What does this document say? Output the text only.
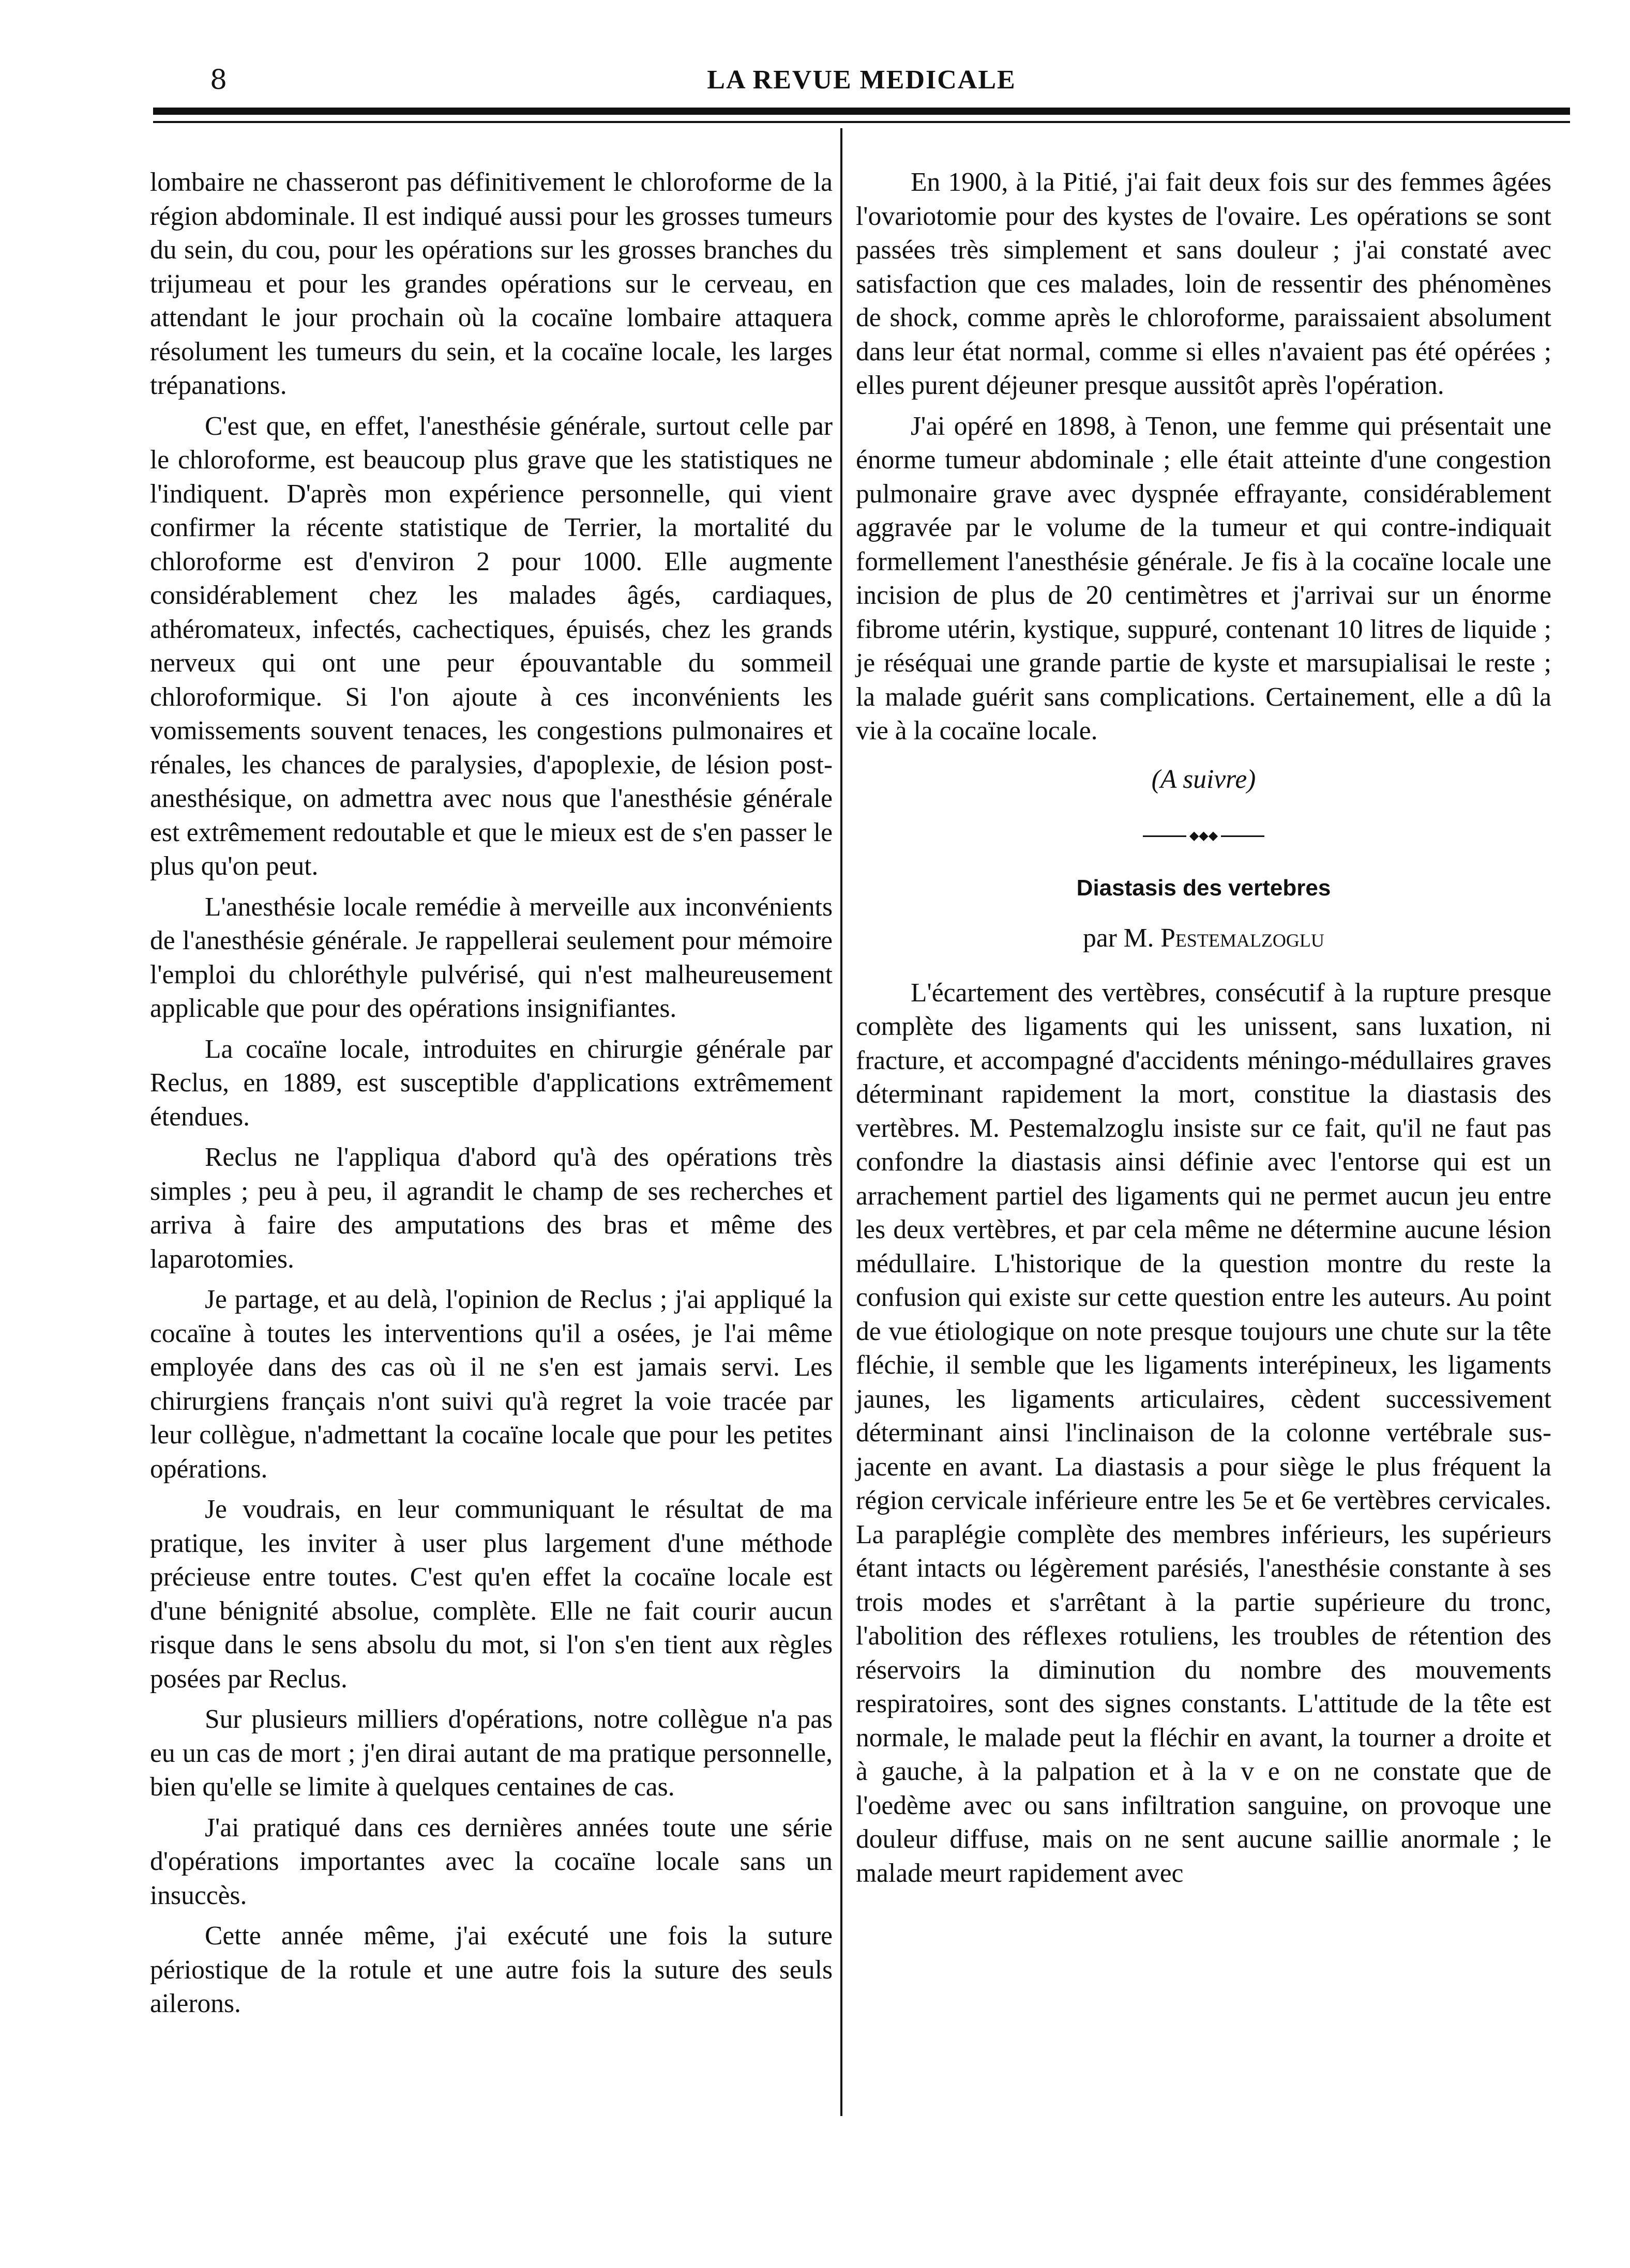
8	LA REVUE MEDICALE

lombaire ne chasseront pas définitivement le chloroforme de la région abdominale. Il est indiqué aussi pour les grosses tumeurs du sein, du cou, pour les opérations sur les grosses branches du trijumeau et pour les grandes opérations sur le cerveau, en attendant le jour prochain où la cocaïne lombaire attaquera résolument les tumeurs du sein, et la cocaïne locale, les larges trépanations.

C'est que, en effet, l'anesthésie générale, surtout celle par le chloroforme, est beaucoup plus grave que les statistiques ne l'indiquent. D'après mon expérience personnelle, qui vient confirmer la récente statistique de Terrier, la mortalité du chloroforme est d'environ 2 pour 1000. Elle augmente considérablement chez les malades âgés, cardiaques, athéromateux, infectés, cachectiques, épuisés, chez les grands nerveux qui ont une peur épouvantable du sommeil chloroformique. Si l'on ajoute à ces inconvénients les vomissements souvent tenaces, les congestions pulmonaires et rénales, les chances de paralysies, d'apoplexie, de lésion post-anesthésique, on admettra avec nous que l'anesthésie générale est extrêmement redoutable et que le mieux est de s'en passer le plus qu'on peut.

L'anesthésie locale remédie à merveille aux inconvénients de l'anesthésie générale. Je rappellerai seulement pour mémoire l'emploi du chloréthyle pulvérisé, qui n'est malheureusement applicable que pour des opérations insignifiantes.

La cocaïne locale, introduites en chirurgie générale par Reclus, en 1889, est susceptible d'applications extrêmement étendues.

Reclus ne l'appliqua d'abord qu'à des opérations très simples ; peu à peu, il agrandit le champ de ses recherches et arriva à faire des amputations des bras et même des laparotomies.

Je partage, et au delà, l'opinion de Reclus ; j'ai appliqué la cocaïne à toutes les interventions qu'il a osées, je l'ai même employée dans des cas où il ne s'en est jamais servi. Les chirurgiens français n'ont suivi qu'à regret la voie tracée par leur collègue, n'admettant la cocaïne locale que pour les petites opérations.

Je voudrais, en leur communiquant le résultat de ma pratique, les inviter à user plus largement d'une méthode précieuse entre toutes. C'est qu'en effet la cocaïne locale est d'une bénignité absolue, complète. Elle ne fait courir aucun risque dans le sens absolu du mot, si l'on s'en tient aux règles posées par Reclus.

Sur plusieurs milliers d'opérations, notre collègue n'a pas eu un cas de mort ; j'en dirai autant de ma pratique personnelle, bien qu'elle se limite à quelques centaines de cas.

J'ai pratiqué dans ces dernières années toute une série d'opérations importantes avec la cocaïne locale sans un insuccès.

Cette année même, j'ai exécuté une fois la suture périostique de la rotule et une autre fois la suture des seuls ailerons.

En 1900, à la Pitié, j'ai fait deux fois sur des femmes âgées l'ovariotomie pour des kystes de l'ovaire. Les opérations se sont passées très simplement et sans douleur ; j'ai constaté avec satisfaction que ces malades, loin de ressentir des phénomènes de shock, comme après le chloroforme, paraissaient absolument dans leur état normal, comme si elles n'avaient pas été opérées ; elles purent déjeuner presque aussitôt après l'opération.

J'ai opéré en 1898, à Tenon, une femme qui présentait une énorme tumeur abdominale ; elle était atteinte d'une congestion pulmonaire grave avec dyspnée effrayante, considérablement aggravée par le volume de la tumeur et qui contre-indiquait formellement l'anesthésie générale. Je fis à la cocaïne locale une incision de plus de 20 centimètres et j'arrivai sur un énorme fibrome utérin, kystique, suppuré, contenant 10 litres de liquide ; je réséquai une grande partie de kyste et marsupialisai le reste ; la malade guérit sans complications. Certainement, elle a dû la vie à la cocaïne locale.

(A suivre)
◆◆◆
Diastasis des vertebres
par M. Pestemalzoglu

L'écartement des vertèbres, consécutif à la rupture presque complète des ligaments qui les unissent, sans luxation, ni fracture, et accompagné d'accidents méningo-médullaires graves déterminant rapidement la mort, constitue la diastasis des vertèbres. M. Pestemalzoglu insiste sur ce fait, qu'il ne faut pas confondre la diastasis ainsi définie avec l'entorse qui est un arrachement partiel des ligaments qui ne permet aucun jeu entre les deux vertèbres, et par cela même ne détermine aucune lésion médullaire. L'historique de la question montre du reste la confusion qui existe sur cette question entre les auteurs. Au point de vue étiologique on note presque toujours une chute sur la tête fléchie, il semble que les ligaments interépineux, les ligaments jaunes, les ligaments articulaires, cèdent successivement déterminant ainsi l'inclinaison de la colonne vertébrale sus-jacente en avant. La diastasis a pour siège le plus fréquent la région cervicale inférieure entre les 5e et 6e vertèbres cervicales. La paraplégie complète des membres inférieurs, les supérieurs étant intacts ou légèrement parésiés, l'anesthésie constante à ses trois modes et s'arrêtant à la partie supérieure du tronc, l'abolition des réflexes rotuliens, les troubles de rétention des réservoirs la diminution du nombre des mouvements respiratoires, sont des signes constants. L'attitude de la tête est normale, le malade peut la fléchir en avant, la tourner a droite et à gauche, à la palpation et à la v e on ne constate que de l'oedème avec ou sans infiltration sanguine, on provoque une douleur diffuse, mais on ne sent aucune saillie anormale ; le malade meurt rapidement avec
